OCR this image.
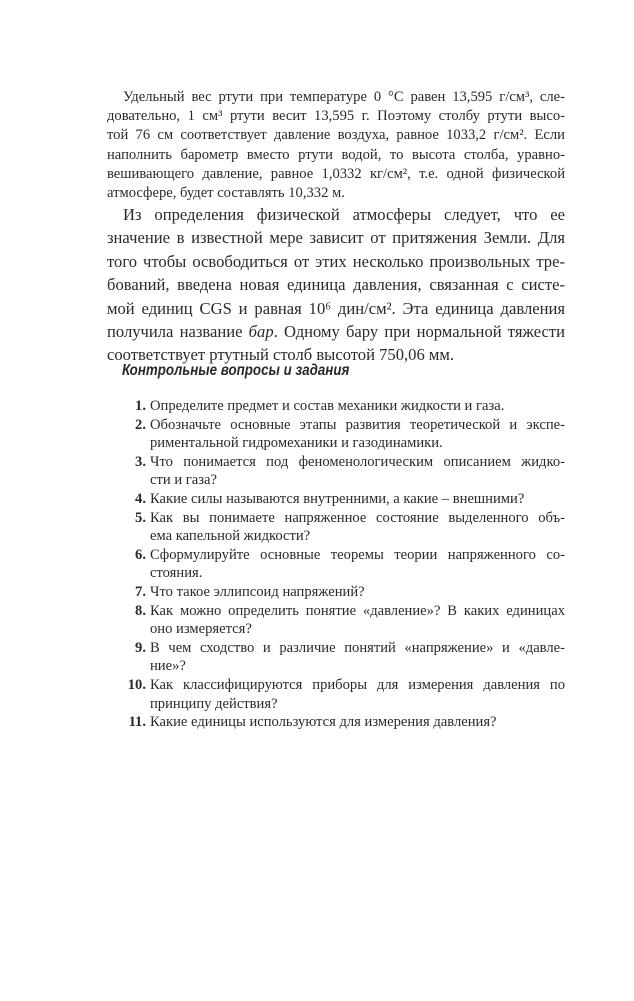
Удельный вес ртути при температуре 0 °С равен 13,595 г/см³, сле-
довательно, 1 см³ ртути весит 13,595 г. Поэтому столбу ртути высо-
той 76 см соответствует давление воздуха, равное 1033,2 г/см². Если
наполнить барометр вместо ртути водой, то высота столба, уравно-
вешивающего давление, равное 1,0332 кг/см², т.е. одной физической
атмосфере, будет составлять 10,332 м.
Из определения физической атмосферы следует, что ее
значение в известной мере зависит от притяжения Земли. Для
того чтобы освободиться от этих несколько произвольных тре-
бований, введена новая единица давления, связанная с систе-
мой единиц CGS и равная 10⁶ дин/см². Эта единица давления
получила название бар. Одному бару при нормальной тяжести
соответствует ртутный столб высотой 750,06 мм.
Контрольные вопросы и задания
1. Определите предмет и состав механики жидкости и газа.
2. Обозначьте основные этапы развития теоретической и экспе-
риментальной гидромеханики и газодинамики.
3. Что понимается под феноменологическим описанием жидко-
сти и газа?
4. Какие силы называются внутренними, а какие – внешними?
5. Как вы понимаете напряженное состояние выделенного объ-
ема капельной жидкости?
6. Сформулируйте основные теоремы теории напряженного со-
стояния.
7. Что такое эллипсоид напряжений?
8. Как можно определить понятие «давление»? В каких единицах
оно измеряется?
9. В чем сходство и различие понятий «напряжение» и «давле-
ние»?
10. Как классифицируются приборы для измерения давления по
принципу действия?
11. Какие единицы используются для измерения давления?
